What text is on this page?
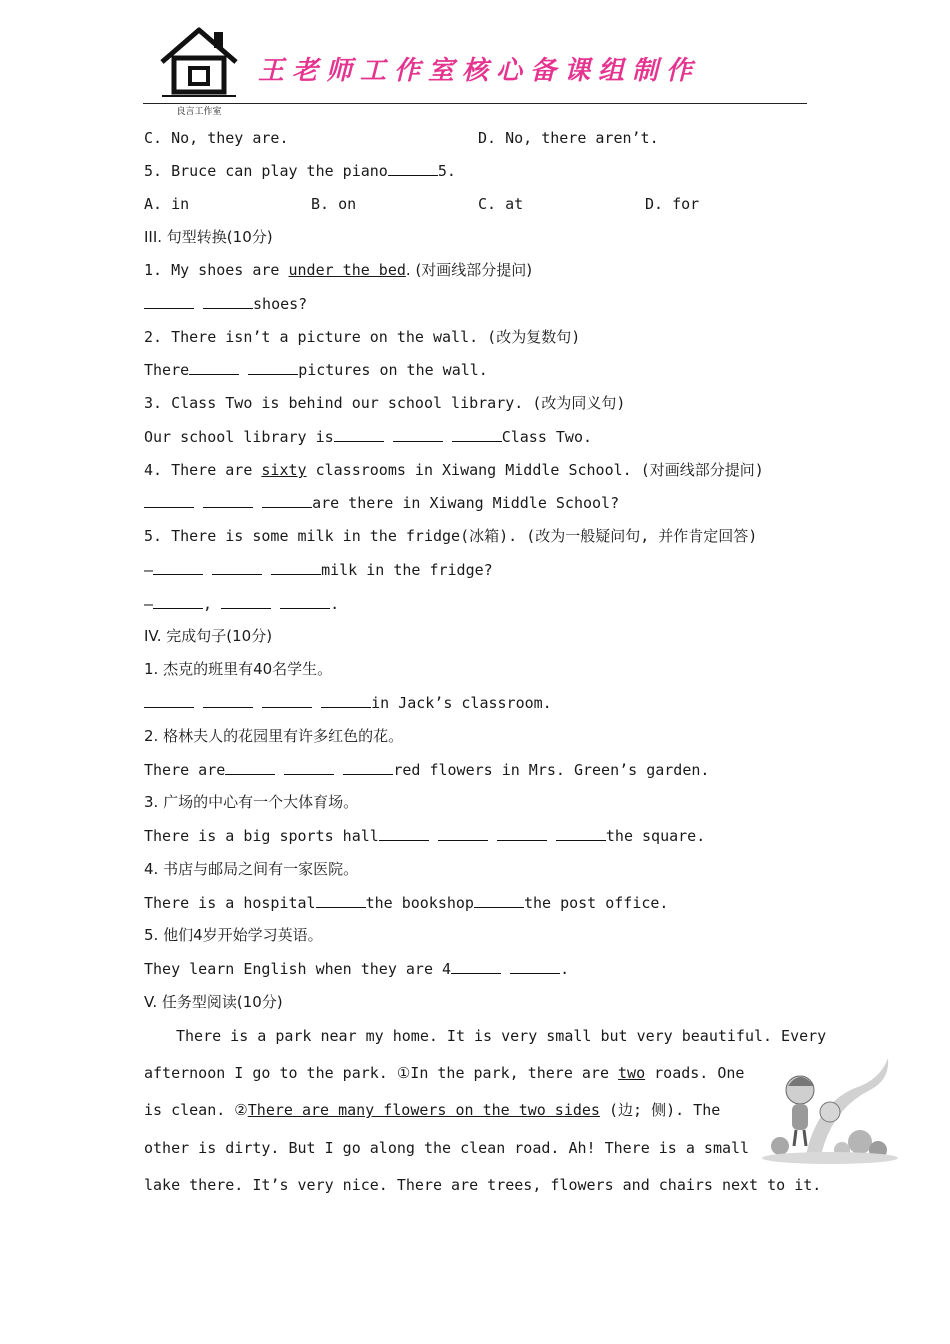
良言工作室
王老师工作室核心备课组制作
C. No, they are.	D. No, there aren’t.
5. Bruce can play the piano	5.
A. in	B. on	C. at	D. for
III. 句型转换(10分)
1. My shoes are under the bed. (对画线部分提问)
shoes?
2. There isn’t a picture on the wall. (改为复数句)
There	pictures on the wall.
3. Class Two is behind our school library. (改为同义句)
Our school library is	Class Two.
4. There are sixty classrooms in Xiwang Middle School. (对画线部分提问)
are there in Xiwang Middle School?
5. There is some milk in the fridge(冰箱). (改为一般疑问句, 并作肯定回答)
—	milk in the fridge?
—	,	.
IV. 完成句子(10分)
1. 杰克的班里有40名学生。
in Jack’s classroom.
2. 格林夫人的花园里有许多红色的花。
There are	red flowers in Mrs. Green’s garden.
3. 广场的中心有一个大体育场。
There is a big sports hall	the square.
4. 书店与邮局之间有一家医院。
There is a hospital	the bookshop	the post office.
5. 他们4岁开始学习英语。
They learn English when they are 4	.
V. 任务型阅读(10分)
There is a park near my home. It is very small but very beautiful. Every
afternoon I go to the park. ①In the park, there are two roads. One
is clean. ②There are many flowers on the two sides (边; 侧). The
other is dirty. But I go along the clean road. Ah! There is a small
lake there. It’s very nice. There are trees, flowers and chairs next to it.
